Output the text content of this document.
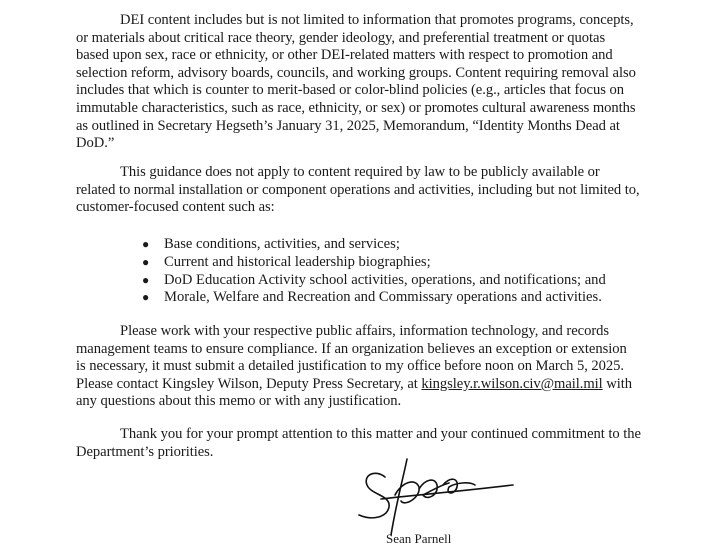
DEI content includes but is not limited to information that promotes programs, concepts,
or materials about critical race theory, gender ideology, and preferential treatment or quotas
based upon sex, race or ethnicity, or other DEI-related matters with respect to promotion and
selection reform, advisory boards, councils, and working groups. Content requiring removal also
includes that which is counter to merit-based or color-blind policies (e.g., articles that focus on
immutable characteristics, such as race, ethnicity, or sex) or promotes cultural awareness months
as outlined in Secretary Hegseth’s January 31, 2025, Memorandum, “Identity Months Dead at
DoD.”

This guidance does not apply to content required by law to be publicly available or
related to normal installation or component operations and activities, including but not limited to,
customer-focused content such as:

● Base conditions, activities, and services;
● Current and historical leadership biographies;
● DoD Education Activity school activities, operations, and notifications; and
● Morale, Welfare and Recreation and Commissary operations and activities.

Please work with your respective public affairs, information technology, and records
management teams to ensure compliance. If an organization believes an exception or extension
is necessary, it must submit a detailed justification to my office before noon on March 5, 2025.
Please contact Kingsley Wilson, Deputy Press Secretary, at kingsley.r.wilson.civ@mail.mil with
any questions about this memo or with any justification.

Thank you for your prompt attention to this matter and your continued commitment to the
Department’s priorities.

Sean Parnell
